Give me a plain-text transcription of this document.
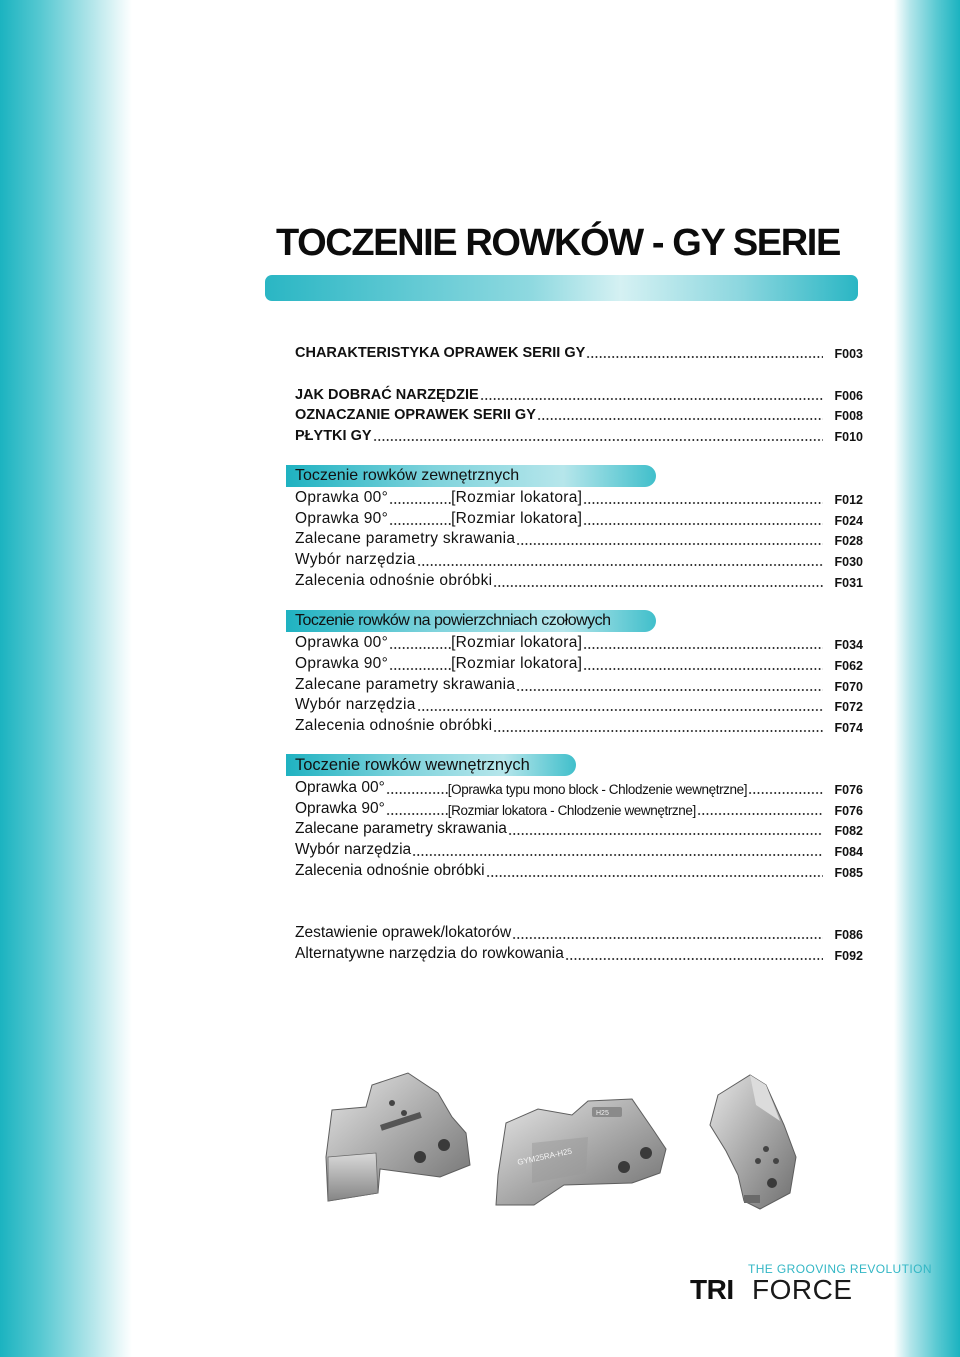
TOCZENIE ROWKÓW - GY SERIE
CHARAKTERISTYKA OPRAWEK SERII GY	F003
JAK DOBRAĆ NARZĘDZIE	F006
OZNACZANIE OPRAWEK SERII GY	F008
PŁYTKI GY	F010
Toczenie rowków zewnętrznych
Oprawka 00°	[Rozmiar lokatora]	F012
Oprawka 90°	[Rozmiar lokatora]	F024
Zalecane parametry skrawania	F028
Wybór narzędzia	F030
Zalecenia odnośnie obróbki	F031
Toczenie rowków na powierzchniach czołowych
Oprawka 00°	[Rozmiar lokatora]	F034
Oprawka 90°	[Rozmiar lokatora]	F062
Zalecane parametry skrawania	F070
Wybór narzędzia	F072
Zalecenia odnośnie obróbki	F074
Toczenie rowków wewnętrznych
Oprawka 00°	[Oprawka typu mono block - Chlodzenie wewnętrzne]	F076
Oprawka 90°	[Rozmiar lokatora - Chlodzenie wewnętrzne]	F076
Zalecane parametry skrawania	F082
Wybór narzędzia	F084
Zalecenia odnośnie obróbki	F085
Zestawienie oprawek/lokatorów	F086
Alternatywne narzędzia do rowkowania	F092
H25
GYM25RA-H25

THE GROOVING REVOLUTION

TRI FORCE
